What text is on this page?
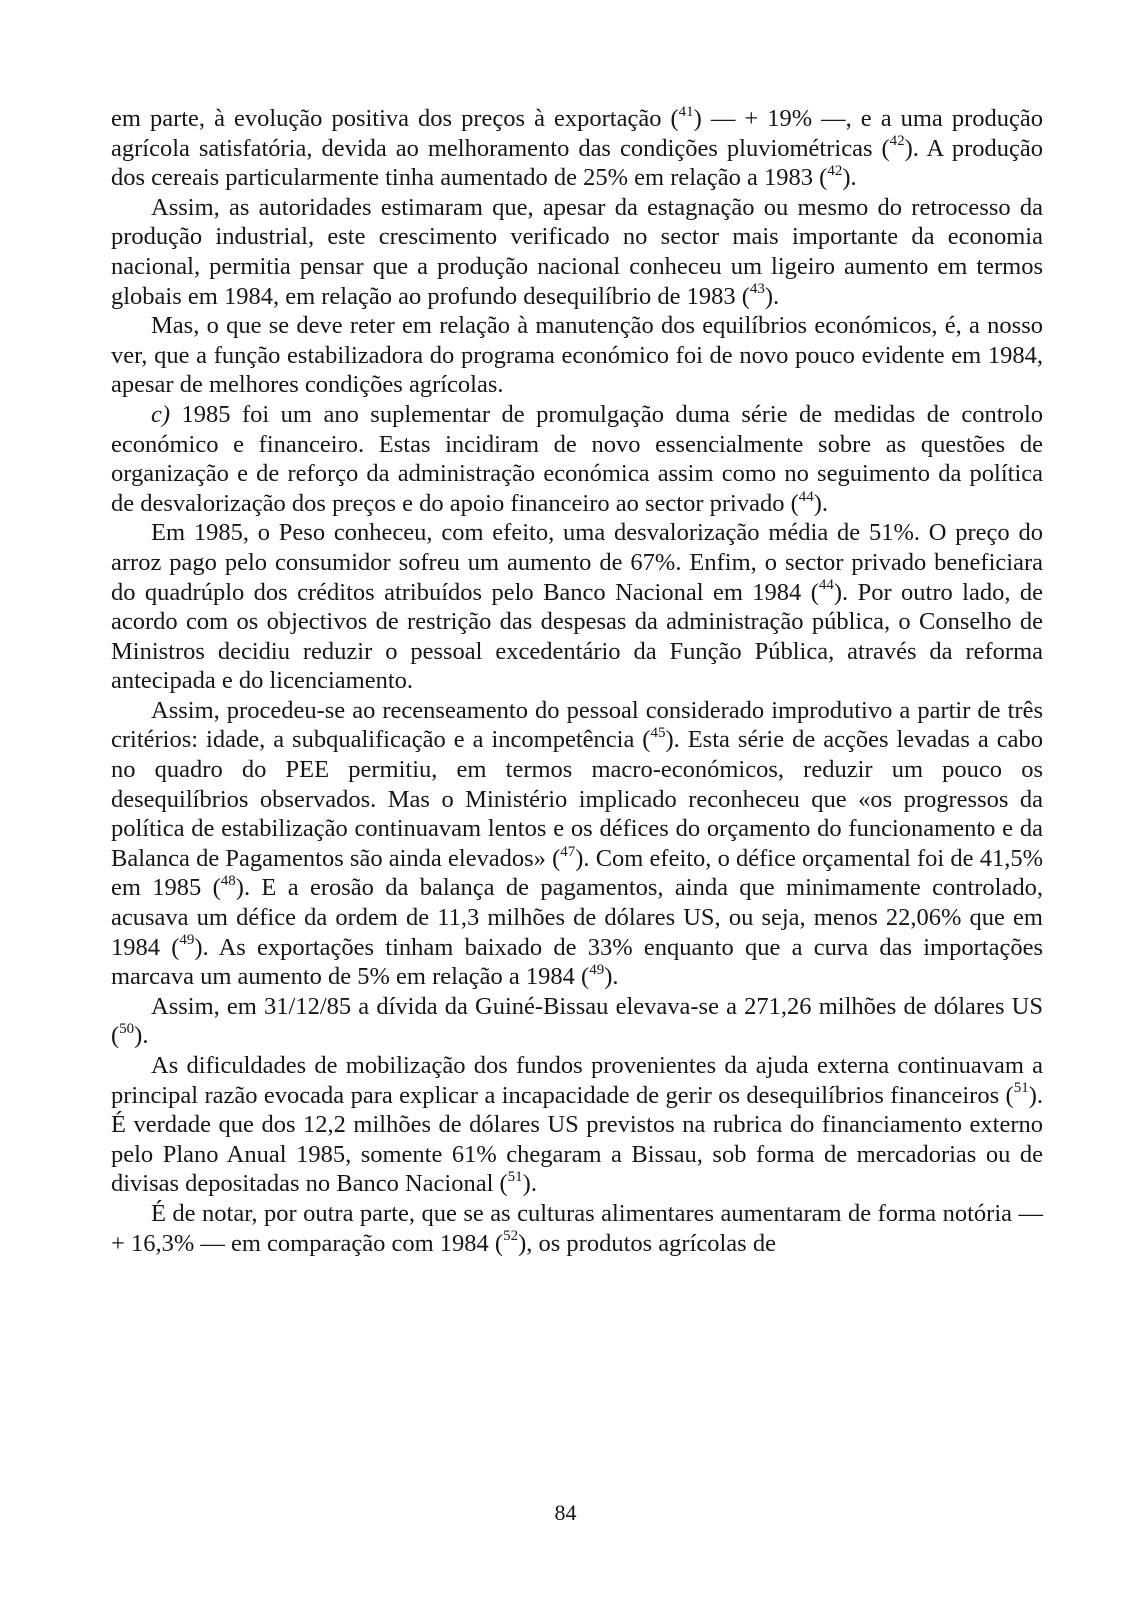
em parte, à evolução positiva dos preços à exportação ($^{41}$) — + 19% —, e a uma produção agrícola satisfatória, devida ao melhoramento das condições pluviométricas ($^{42}$). A produção dos cereais particularmente tinha aumentado de 25% em relação a 1983 ($^{42}$).

Assim, as autoridades estimaram que, apesar da estagnação ou mesmo do retrocesso da produção industrial, este crescimento verificado no sector mais importante da economia nacional, permitia pensar que a produção nacional conheceu um ligeiro aumento em termos globais em 1984, em relação ao profundo desequilíbrio de 1983 ($^{43}$).

Mas, o que se deve reter em relação à manutenção dos equilíbrios económicos, é, a nosso ver, que a função estabilizadora do programa económico foi de novo pouco evidente em 1984, apesar de melhores condições agrícolas.

c) 1985 foi um ano suplementar de promulgação duma série de medidas de controlo económico e financeiro. Estas incidiram de novo essencialmente sobre as questões de organização e de reforço da administração económica assim como no seguimento da política de desvalorização dos preços e do apoio financeiro ao sector privado ($^{44}$).

Em 1985, o Peso conheceu, com efeito, uma desvalorização média de 51%. O preço do arroz pago pelo consumidor sofreu um aumento de 67%. Enfim, o sector privado beneficiara do quadrúplo dos créditos atribuídos pelo Banco Nacional em 1984 ($^{44}$). Por outro lado, de acordo com os objectivos de restrição das despesas da administração pública, o Conselho de Ministros decidiu reduzir o pessoal excedentário da Função Pública, através da reforma antecipada e do licenciamento.

Assim, procedeu-se ao recenseamento do pessoal considerado improdutivo a partir de três critérios: idade, a subqualificação e a incompetência ($^{45}$). Esta série de acções levadas a cabo no quadro do PEE permitiu, em termos macro-económicos, reduzir um pouco os desequilíbrios observados. Mas o Ministério implicado reconheceu que «os progressos da política de estabilização continuavam lentos e os défices do orçamento do funcionamento e da Balanca de Pagamentos são ainda elevados» ($^{47}$). Com efeito, o défice orçamental foi de 41,5% em 1985 ($^{48}$). E a erosão da balança de pagamentos, ainda que minimamente controlado, acusava um défice da ordem de 11,3 milhões de dólares US, ou seja, menos 22,06% que em 1984 ($^{49}$). As exportações tinham baixado de 33% enquanto que a curva das importações marcava um aumento de 5% em relação a 1984 ($^{49}$).

Assim, em 31/12/85 a dívida da Guiné-Bissau elevava-se a 271,26 milhões de dólares US ($^{50}$).

As dificuldades de mobilização dos fundos provenientes da ajuda externa continuavam a principal razão evocada para explicar a incapacidade de gerir os desequilíbrios financeiros ($^{51}$). É verdade que dos 12,2 milhões de dólares US previstos na rubrica do financiamento externo pelo Plano Anual 1985, somente 61% chegaram a Bissau, sob forma de mercadorias ou de divisas depositadas no Banco Nacional ($^{51}$).

É de notar, por outra parte, que se as culturas alimentares aumentaram de forma notória — + 16,3% — em comparação com 1984 ($^{52}$), os produtos agrícolas de

84
